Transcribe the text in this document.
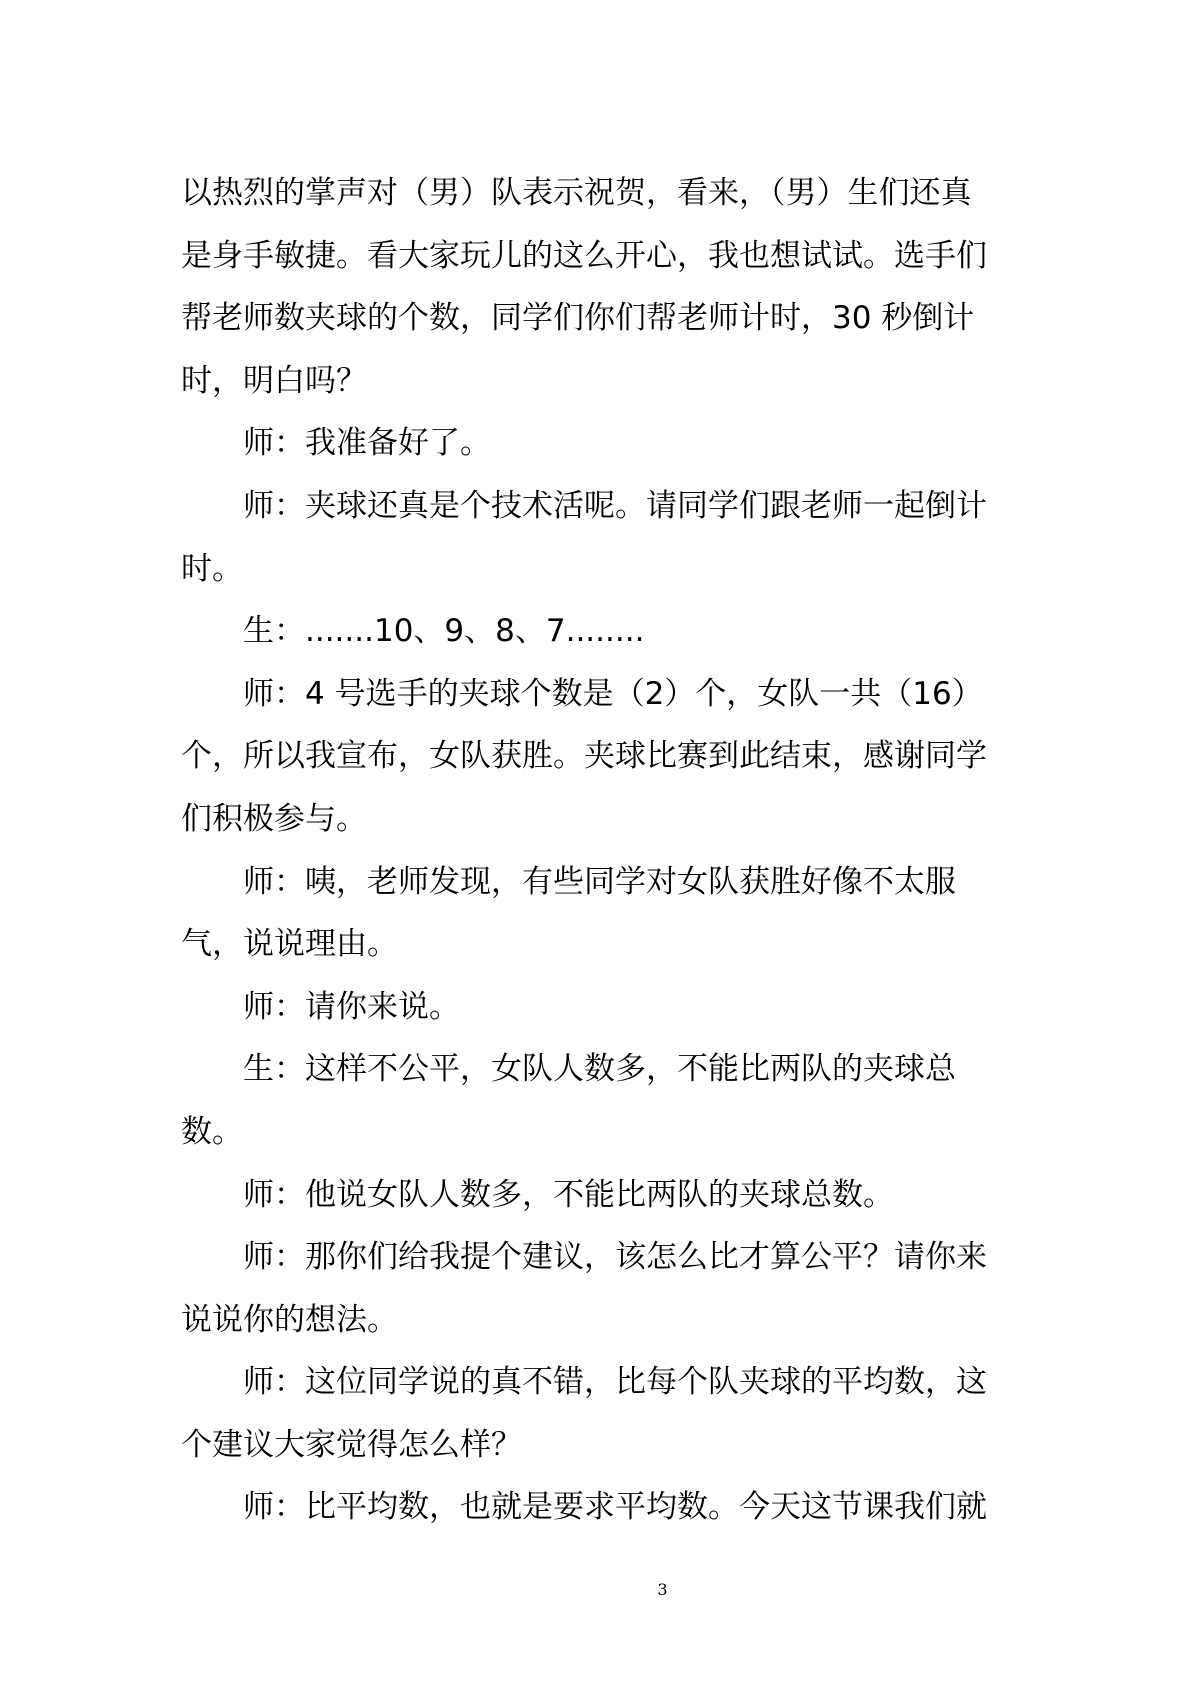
以热烈的掌声对（男）队表示祝贺，看来，（男）生们还真
是身手敏捷。看大家玩儿的这么开心，我也想试试。选手们
帮老师数夹球的个数，同学们你们帮老师计时，30 秒倒计
时，明白吗？
师：我准备好了。
师：夹球还真是个技术活呢。请同学们跟老师一起倒计
时。
生：.......10、9、8、7........
师：4 号选手的夹球个数是（2）个，女队一共（16）
个，所以我宣布，女队获胜。夹球比赛到此结束，感谢同学
们积极参与。
师：咦，老师发现，有些同学对女队获胜好像不太服
气，说说理由。
师：请你来说。
生：这样不公平，女队人数多，不能比两队的夹球总
数。
师：他说女队人数多，不能比两队的夹球总数。
师：那你们给我提个建议，该怎么比才算公平？请你来
说说你的想法。
师：这位同学说的真不错，比每个队夹球的平均数，这
个建议大家觉得怎么样？
师：比平均数，也就是要求平均数。今天这节课我们就
3
